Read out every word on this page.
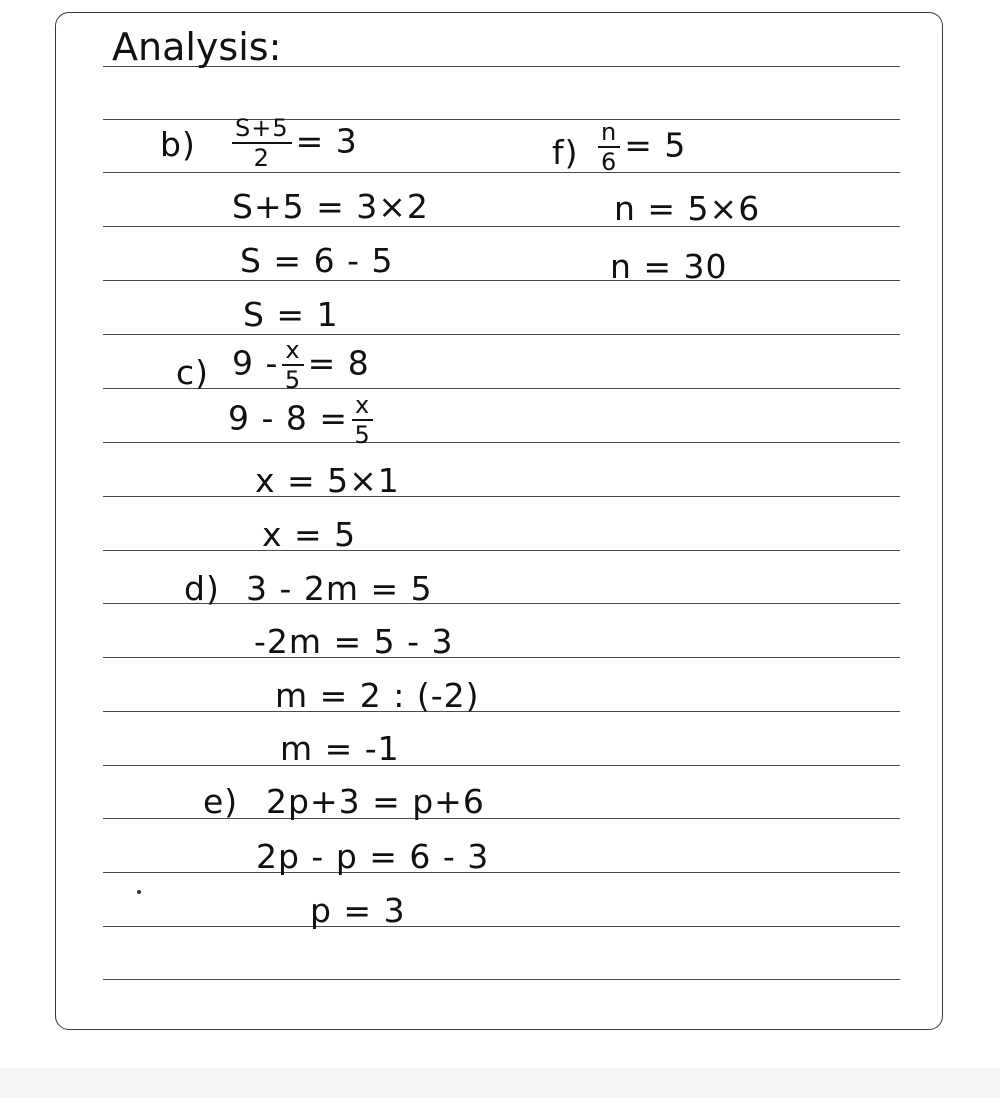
Analysis:
$b) \frac{S+5}{2} = 3$
S+5 = 3×2
S = 6 - 5
S = 1
c) $9 - \frac{x}{5} = 8$
$9 - 8 = \frac{x}{5}$
x = 5×1
x = 5
d) 3 - 2m = 5
-2m = 5 - 3
m = 2 : (-2)
m = -1
e) 2p+3 = p+6
2p - p = 6 - 3
p = 3
$f) \frac{n}{6} = 5$
n = 5×6
n = 30
